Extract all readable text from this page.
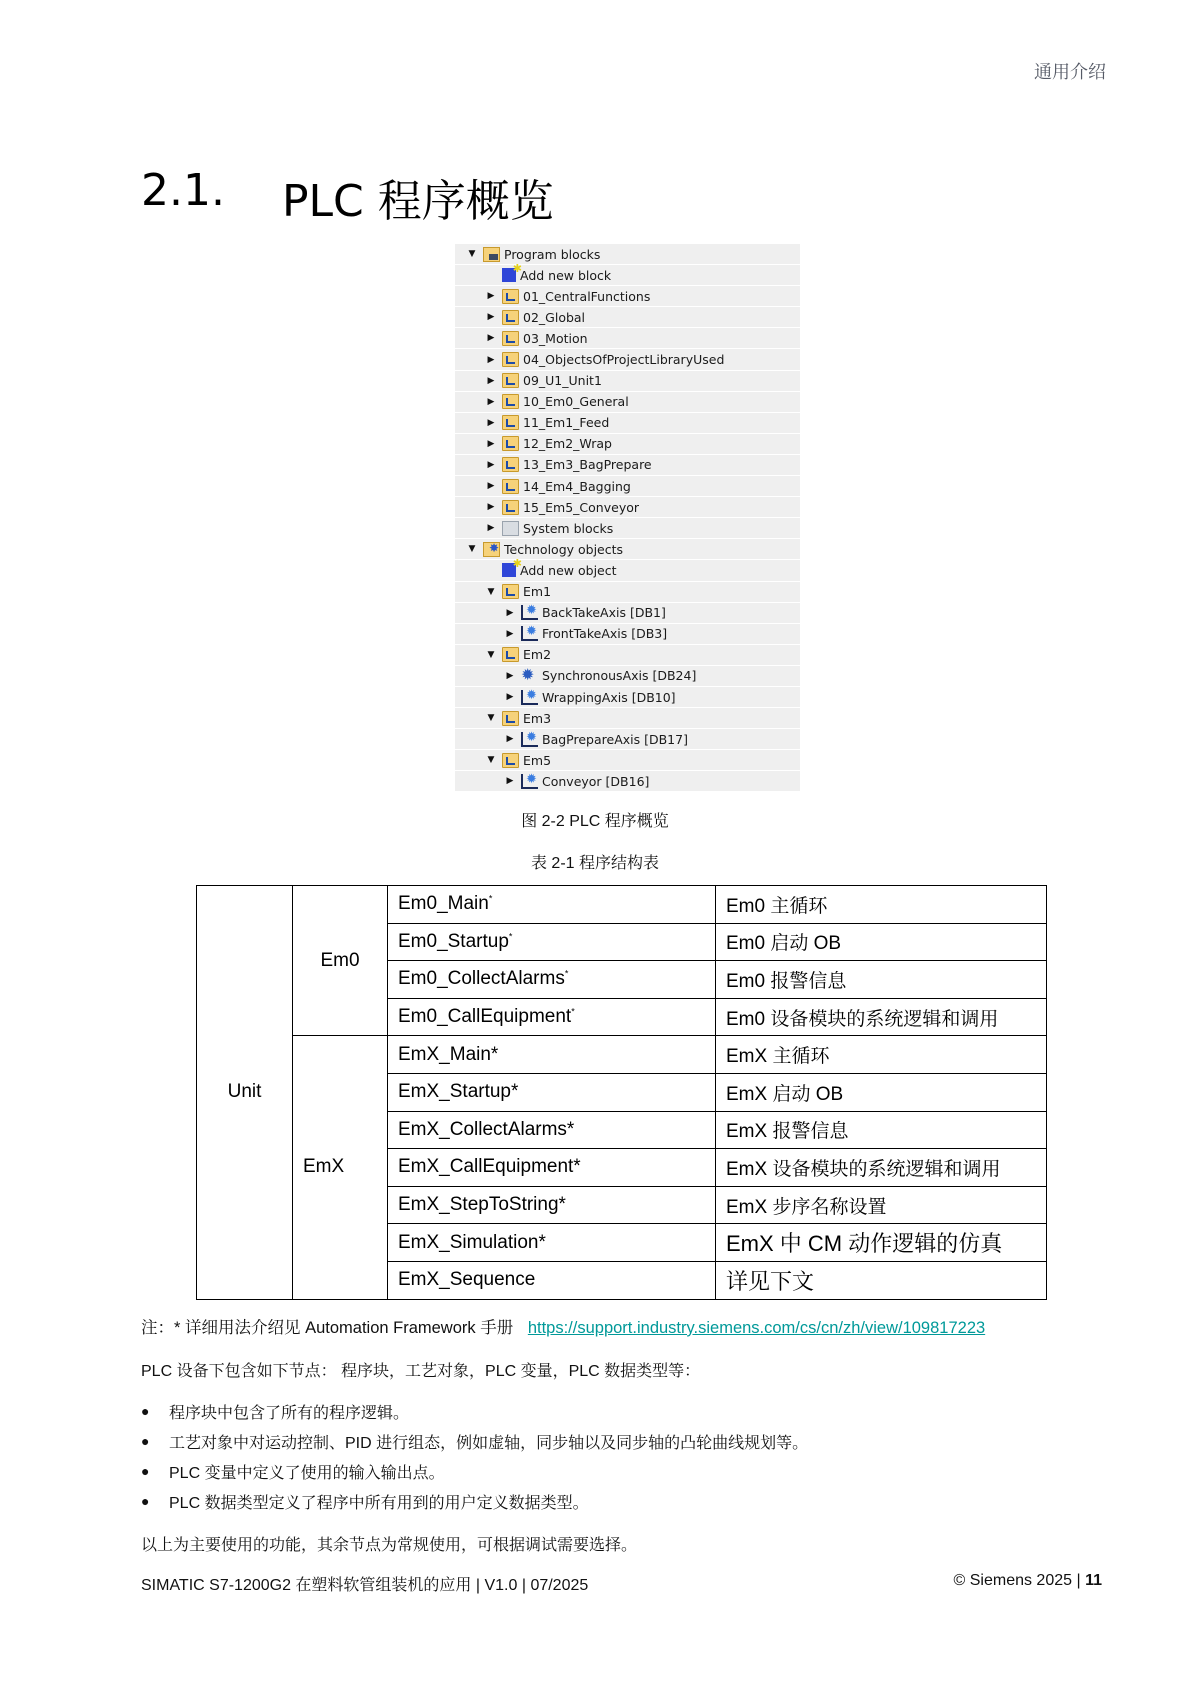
通用介绍
2.1.	PLC 程序概览
▼ Program blocks
✱
Add new block
▶ 01_CentralFunctions
▶ 02_Global
▶ 03_Motion
▶ 04_ObjectsOfProjectLibraryUsed
▶ 09_U1_Unit1
▶ 10_Em0_General
▶ 11_Em1_Feed
▶ 12_Em2_Wrap
▶ 13_Em3_BagPrepare
▶ 14_Em4_Bagging
▶ 15_Em5_Conveyor
▶ System blocks
▼ ✸ Technology objects
✱
Add new object
▼ Em1
▶ ✹ BackTakeAxis [DB1]
▶ ✹ FrontTakeAxis [DB3]
▼ Em2
▶ ✹ SynchronousAxis [DB24]
▶ ✹ WrappingAxis [DB10]
▼ Em3
▶ ✹ BagPrepareAxis [DB17]
▼ Em5
▶ ✹ Conveyor [DB16]
图 2-2 PLC 程序概览
表 2-1 程序结构表
Unit	Em0	Em0_Main*	Em0 主循环
		Em0_Startup*	Em0 启动 OB
		Em0_CollectAlarms*	Em0 报警信息
		Em0_CallEquipment*	Em0 设备模块的系统逻辑和调用
	EmX	EmX_Main*	EmX 主循环
		EmX_Startup*	EmX 启动 OB
		EmX_CollectAlarms*	EmX 报警信息
		EmX_CallEquipment*	EmX 设备模块的系统逻辑和调用
		EmX_StepToString*	EmX 步序名称设置
		EmX_Simulation*	EmX 中 CM 动作逻辑的仿真
		EmX_Sequence	详见下文
注：* 详细用法介绍见 Automation Framework 手册 https://support.industry.siemens.com/cs/cn/zh/view/109817223
PLC 设备下包含如下节点： 程序块，工艺对象，PLC 变量，PLC 数据类型等：
●	程序块中包含了所有的程序逻辑。
●	工艺对象中对运动控制、PID 进行组态，例如虚轴，同步轴以及同步轴的凸轮曲线规划等。
●	PLC 变量中定义了使用的输入输出点。
●	PLC 数据类型定义了程序中所有用到的用户定义数据类型。
以上为主要使用的功能，其余节点为常规使用，可根据调试需要选择。
SIMATIC S7-1200G2 在塑料软管组装机的应用 | V1.0 | 07/2025	© Siemens 2025 | 11
